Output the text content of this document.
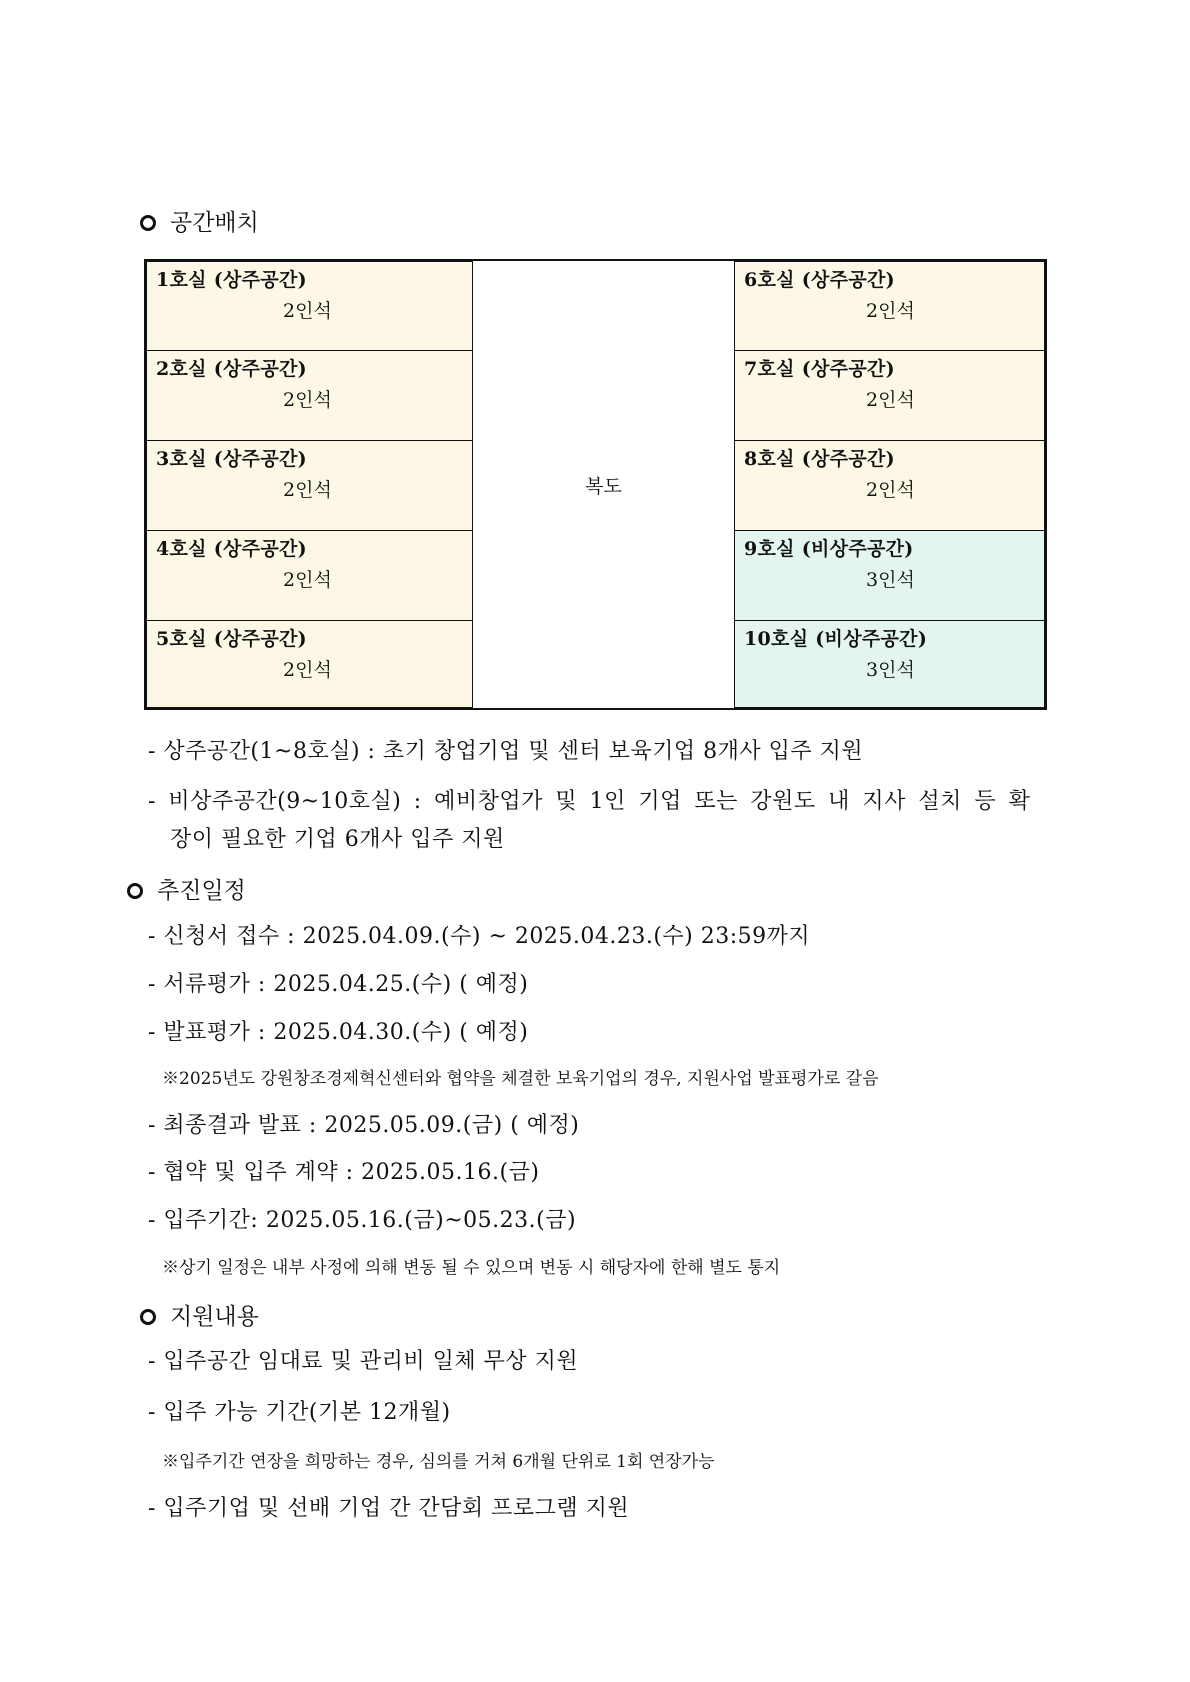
공간배치
1호실 (상주공간)
2인석
2호실 (상주공간)
2인석
3호실 (상주공간)
2인석
4호실 (상주공간)
2인석
5호실 (상주공간)
2인석
복도
6호실 (상주공간)
2인석
7호실 (상주공간)
2인석
8호실 (상주공간)
2인석
9호실 (비상주공간)
3인석
10호실 (비상주공간)
3인석
- 상주공간(1~8호실) : 초기 창업기업 및 센터 보육기업 8개사 입주 지원
- 비상주공간(9~10호실) : 예비창업가 및 1인 기업 또는 강원도 내 지사 설치 등 확
장이 필요한 기업 6개사 입주 지원
추진일정
- 신청서 접수 : 2025.04.09.(수) ~ 2025.04.23.(수) 23:59까지
- 서류평가 : 2025.04.25.(수) ( 예정)
- 발표평가 : 2025.04.30.(수) ( 예정)
※2025년도 강원창조경제혁신센터와 협약을 체결한 보육기업의 경우, 지원사업 발표평가로 갈음
- 최종결과 발표 : 2025.05.09.(금) ( 예정)
- 협약 및 입주 계약 : 2025.05.16.(금)
- 입주기간: 2025.05.16.(금)~05.23.(금)
※상기 일정은 내부 사정에 의해 변동 될 수 있으며 변동 시 해당자에 한해 별도 통지
지원내용
- 입주공간 임대료 및 관리비 일체 무상 지원
- 입주 가능 기간(기본 12개월)
※입주기간 연장을 희망하는 경우, 심의를 거쳐 6개월 단위로 1회 연장가능
- 입주기업 및 선배 기업 간 간담회 프로그램 지원
